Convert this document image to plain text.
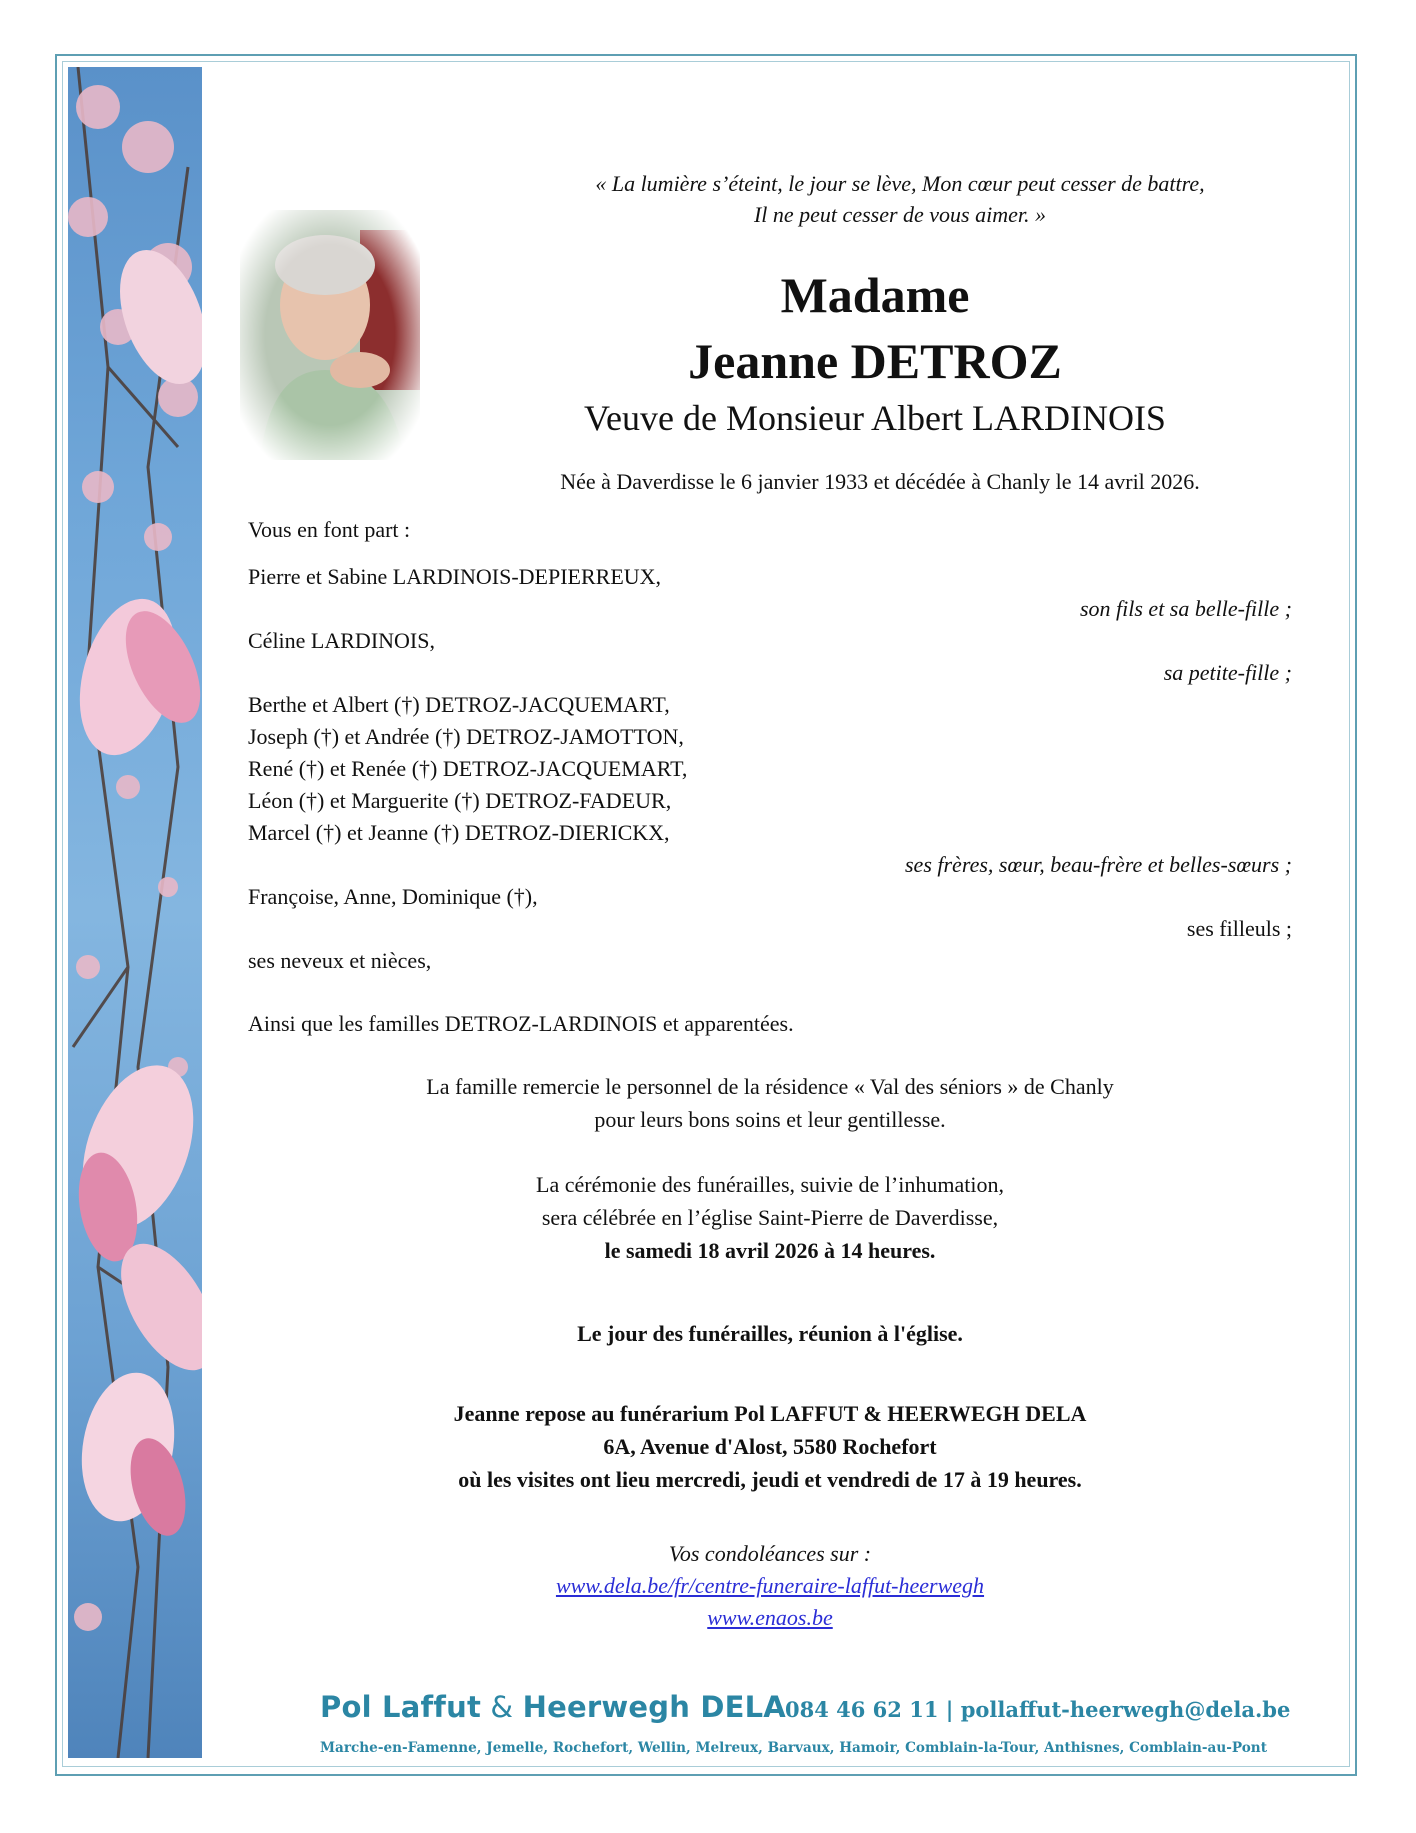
« La lumière s’éteint, le jour se lève, Mon cœur peut cesser de battre,
Il ne peut cesser de vous aimer. »
Madame
Jeanne DETROZ
Veuve de Monsieur Albert LARDINOIS
Née à Daverdisse le 6 janvier 1933 et décédée à Chanly le 14 avril 2026.
Vous en font part :
Pierre et Sabine LARDINOIS-DEPIERREUX,
son fils et sa belle-fille ;
Céline LARDINOIS,
sa petite-fille ;
Berthe et Albert (†) DETROZ-JACQUEMART,
Joseph (†) et Andrée (†) DETROZ-JAMOTTON,
René (†) et Renée (†) DETROZ-JACQUEMART,
Léon (†) et Marguerite (†) DETROZ-FADEUR,
Marcel (†) et Jeanne (†) DETROZ-DIERICKX,
ses frères, sœur, beau-frère et belles-sœurs ;
Françoise, Anne, Dominique (†),
ses filleuls ;
ses neveux et nièces,
Ainsi que les familles DETROZ-LARDINOIS et apparentées.
La famille remercie le personnel de la résidence « Val des séniors » de Chanly
pour leurs bons soins et leur gentillesse.
La cérémonie des funérailles, suivie de l’inhumation,
sera célébrée en l’église Saint-Pierre de Daverdisse,
le samedi 18 avril 2026 à 14 heures.
Le jour des funérailles, réunion à l'église.
Jeanne repose au funérarium Pol LAFFUT & HEERWEGH DELA
6A, Avenue d'Alost, 5580 Rochefort
où les visites ont lieu mercredi, jeudi et vendredi de 17 à 19 heures.
Vos condoléances sur :
www.dela.be/fr/centre-funeraire-laffut-heerwegh
www.enaos.be
Pol Laffut & Heerwegh DELA 084 46 62 11 | pollaffut-heerwegh@dela.be
Marche-en-Famenne, Jemelle, Rochefort, Wellin, Melreux, Barvaux, Hamoir, Comblain-la-Tour, Anthisnes, Comblain-au-Pont
